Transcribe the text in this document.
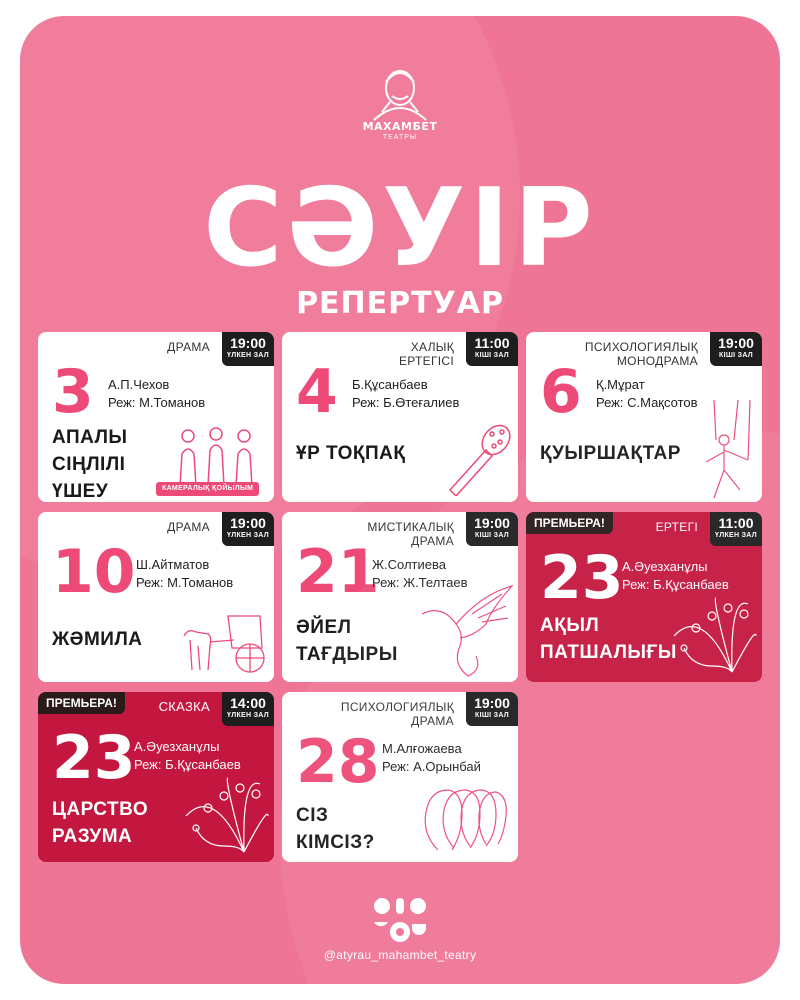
МАХАМБЕТ
ТЕАТРЫ
СӘУІР
РЕПЕРТУАР
ДРАМА	19:00
ҮЛКЕН ЗАЛ
3 А.П.Чехов
Реж: М.Томанов
АПАЛЫ
СІҢЛІЛІ
ҮШЕУ	КАМЕРАЛЫҚ ҚОЙЫЛЫМ
ХАЛЫҚ
ЕРТЕГІСІ
11:00
КІШІ ЗАЛ
4 Б.Құсанбаев
Реж: Б.Өтеғалиев
ҰР ТОҚПАҚ
ПСИХОЛОГИЯЛЫҚ
МОНОДРАМА
19:00
КІШІ ЗАЛ
6 Қ.Мұрат
Реж: С.Мақсотов
ҚУЫРШАҚТАР
ДРАМА	19:00
ҮЛКЕН ЗАЛ
10 Ш.Айтматов
Реж: М.Томанов
ЖӘМИЛА
МИСТИКАЛЫҚ
ДРАМА
19:00
КІШІ ЗАЛ
21
Ж.Солтиева
Реж: Ж.Телтаев
ӘЙЕЛ
ТАҒДЫРЫ
ПРЕМЬЕРА!	ЕРТЕГІ	11:00
ҮЛКЕН ЗАЛ
23
А.Әуезханұлы
Реж: Б.Құсанбаев
АҚЫЛ
ПАТШАЛЫҒЫ
ПРЕМЬЕРА!	СКАЗКА	14:00
ҮЛКЕН ЗАЛ
23
А.Әуезханұлы
Реж: Б.Құсанбаев
ЦАРСТВО
РАЗУМА
ПСИХОЛОГИЯЛЫҚ
ДРАМА
19:00
КІШІ ЗАЛ
28 М.Алғожаева
Реж: А.Орынбай
СІЗ
КІМСІЗ?
@atyrau_mahambet_teatry
